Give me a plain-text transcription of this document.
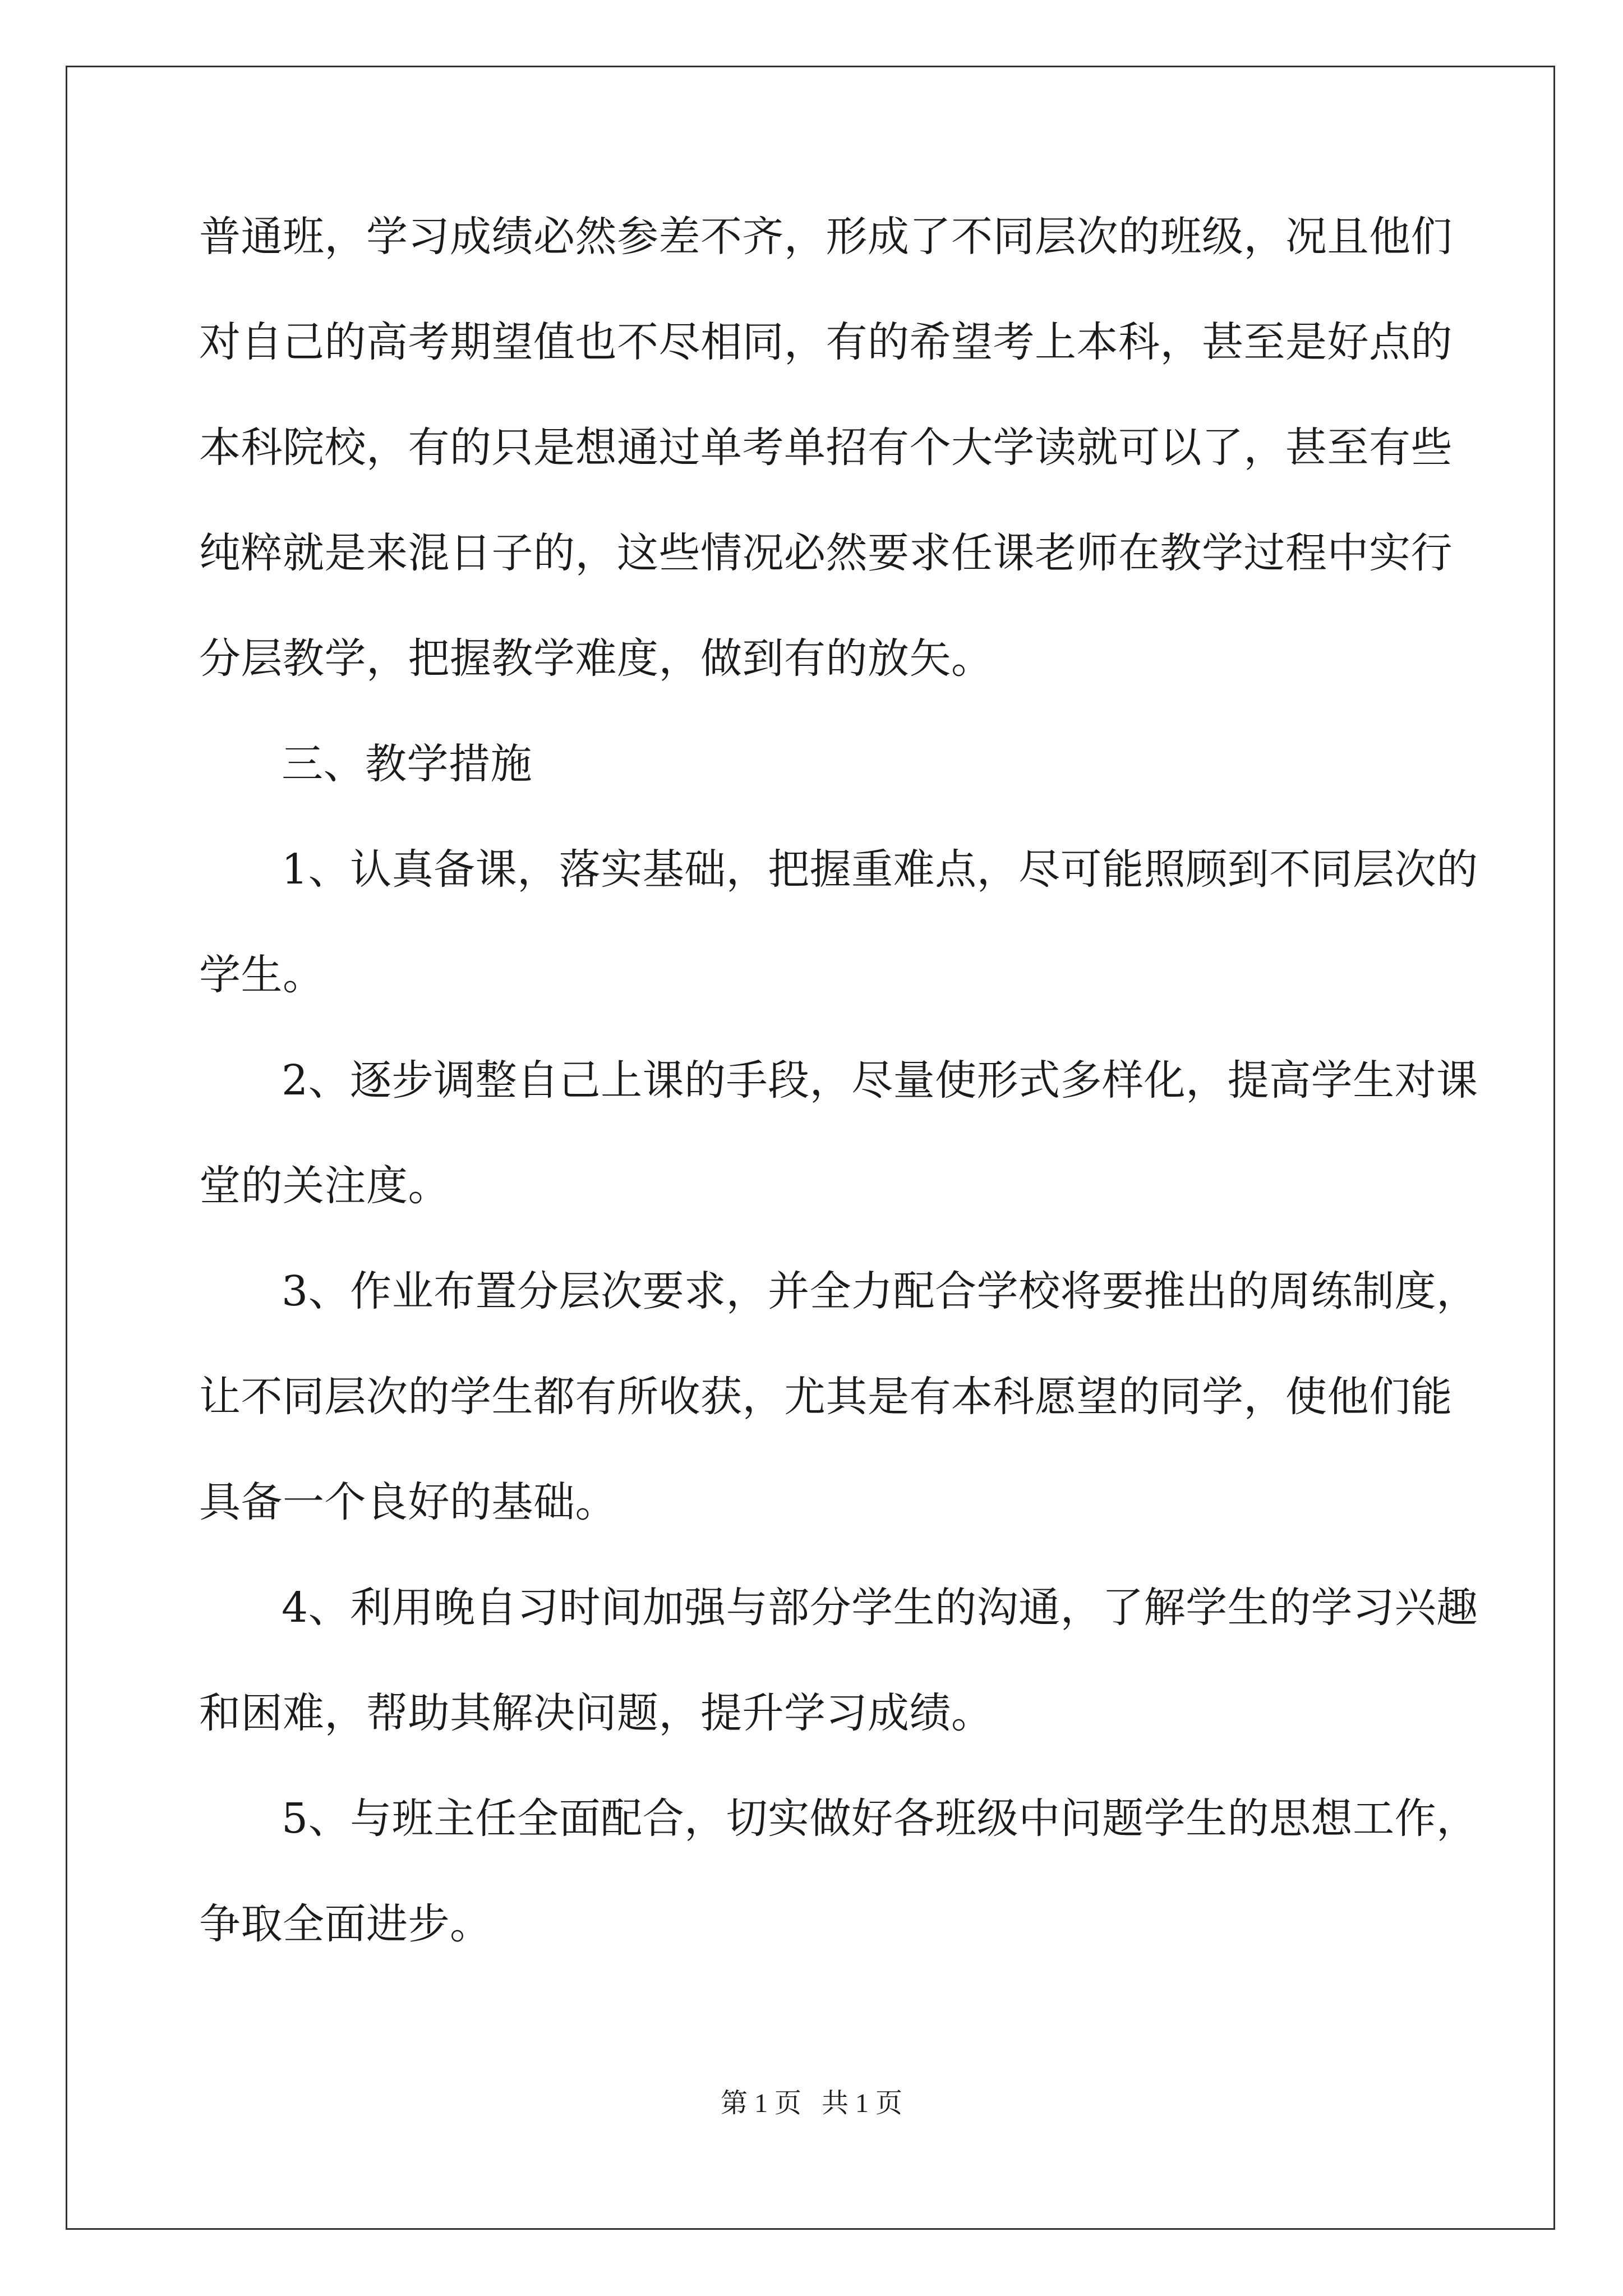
普通班，学习成绩必然参差不齐，形成了不同层次的班级，况且他们
对自己的高考期望值也不尽相同，有的希望考上本科，甚至是好点的
本科院校，有的只是想通过单考单招有个大学读就可以了，甚至有些
纯粹就是来混日子的，这些情况必然要求任课老师在教学过程中实行
分层教学，把握教学难度，做到有的放矢。
三、教学措施
1、认真备课，落实基础，把握重难点，尽可能照顾到不同层次的
学生。
2、逐步调整自己上课的手段，尽量使形式多样化，提高学生对课
堂的关注度。
3、作业布置分层次要求，并全力配合学校将要推出的周练制度，
让不同层次的学生都有所收获，尤其是有本科愿望的同学，使他们能
具备一个良好的基础。
4、利用晚自习时间加强与部分学生的沟通，了解学生的学习兴趣
和困难，帮助其解决问题，提升学习成绩。
5、与班主任全面配合，切实做好各班级中问题学生的思想工作，
争取全面进步。
第 1 页   共 1 页
